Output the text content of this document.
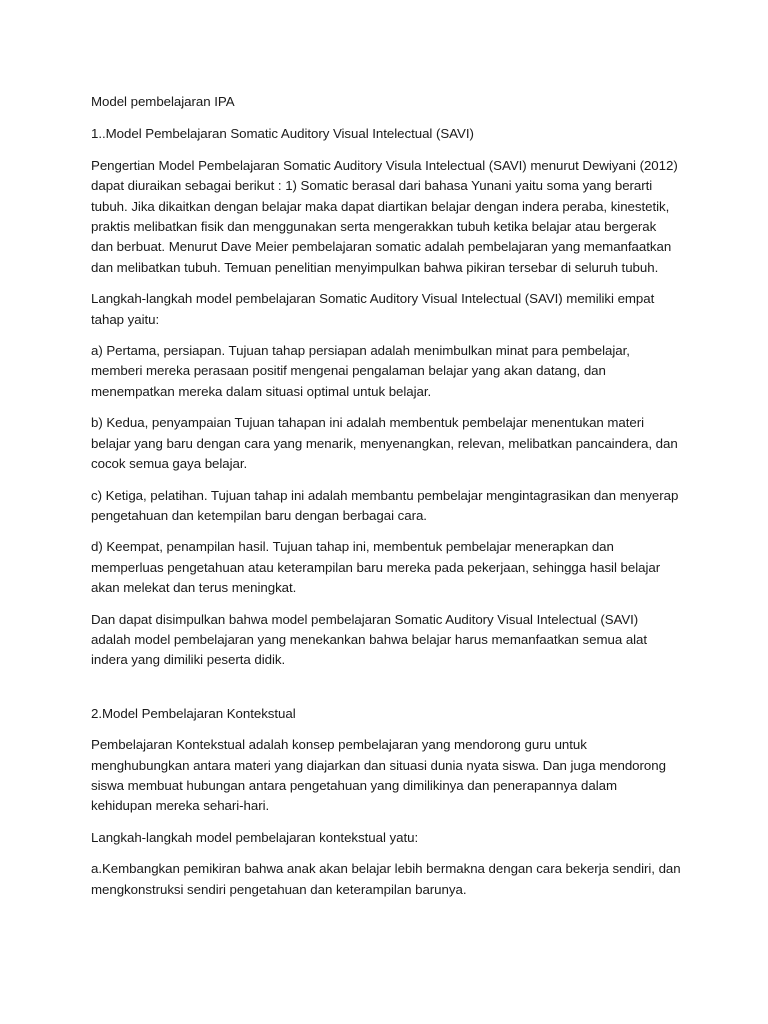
Model pembelajaran IPA

1..Model Pembelajaran Somatic Auditory Visual Intelectual (SAVI)

Pengertian Model Pembelajaran Somatic Auditory Visula Intelectual (SAVI) menurut Dewiyani (2012) dapat diuraikan sebagai berikut : 1) Somatic berasal dari bahasa Yunani yaitu soma yang berarti tubuh. Jika dikaitkan dengan belajar maka dapat diartikan belajar dengan indera peraba, kinestetik, praktis melibatkan fisik dan menggunakan serta mengerakkan tubuh ketika belajar atau bergerak dan berbuat. Menurut Dave Meier pembelajaran somatic adalah pembelajaran yang memanfaatkan dan melibatkan tubuh. Temuan penelitian menyimpulkan bahwa pikiran tersebar di seluruh tubuh.

Langkah-langkah model pembelajaran Somatic Auditory Visual Intelectual (SAVI) memiliki empat tahap yaitu:

a) Pertama, persiapan. Tujuan tahap persiapan adalah menimbulkan minat para pembelajar, memberi mereka perasaan positif mengenai pengalaman belajar yang akan datang, dan menempatkan mereka dalam situasi optimal untuk belajar.

b) Kedua, penyampaian Tujuan tahapan ini adalah membentuk pembelajar menentukan materi belajar yang baru dengan cara yang menarik, menyenangkan, relevan, melibatkan pancaindera, dan cocok semua gaya belajar.

c) Ketiga, pelatihan. Tujuan tahap ini adalah membantu pembelajar mengintagrasikan dan menyerap pengetahuan dan ketempilan baru dengan berbagai cara.

d) Keempat, penampilan hasil. Tujuan tahap ini, membentuk pembelajar menerapkan dan memperluas pengetahuan atau keterampilan baru mereka pada pekerjaan, sehingga hasil belajar akan melekat dan terus meningkat.

Dan dapat disimpulkan bahwa model pembelajaran Somatic Auditory Visual Intelectual (SAVI) adalah model pembelajaran yang menekankan bahwa belajar harus memanfaatkan semua alat indera yang dimiliki peserta didik.

2.Model Pembelajaran Kontekstual

Pembelajaran Kontekstual adalah konsep pembelajaran yang mendorong guru untuk menghubungkan antara materi yang diajarkan dan situasi dunia nyata siswa. Dan juga mendorong siswa membuat hubungan antara pengetahuan yang dimilikinya dan penerapannya dalam kehidupan mereka sehari-hari.

Langkah-langkah model pembelajaran kontekstual yatu:

a.Kembangkan pemikiran bahwa anak akan belajar lebih bermakna dengan cara bekerja sendiri, dan mengkonstruksi sendiri pengetahuan dan keterampilan barunya.
